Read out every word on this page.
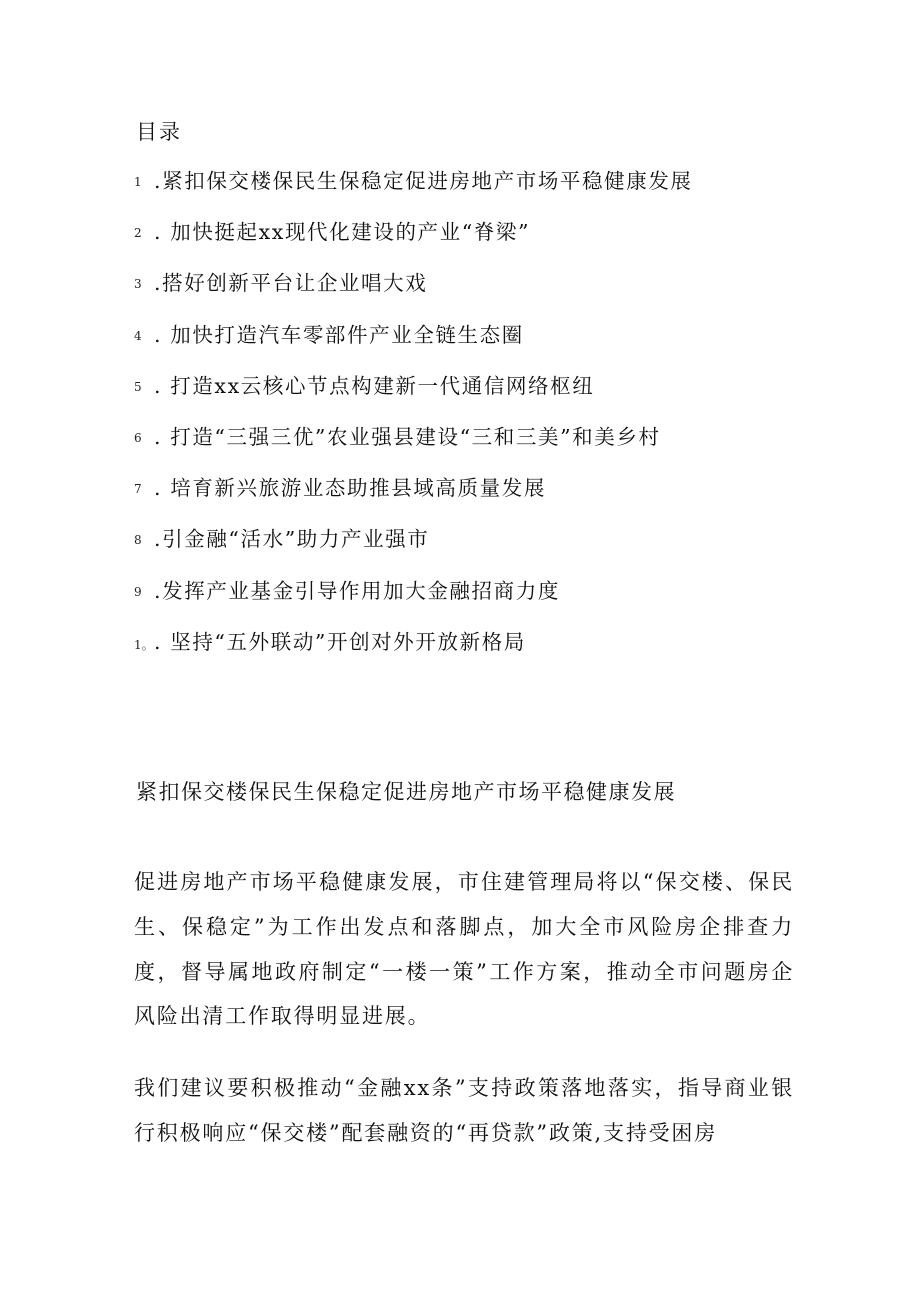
目录
1 .紧扣保交楼保民生保稳定促进房地产市场平稳健康发展
2 . 加快挺起xx现代化建设的产业“脊梁”
3 .搭好创新平台让企业唱大戏
4 . 加快打造汽车零部件产业全链生态圈
5 . 打造xx云核心节点构建新一代通信网络枢纽
6 . 打造“三强三优”农业强县建设“三和三美”和美乡村
7 . 培育新兴旅游业态助推县域高质量发展
8 .引金融“活水”助力产业强市
9 .发挥产业基金引导作用加大金融招商力度
1。 . 坚持“五外联动”开创对外开放新格局
紧扣保交楼保民生保稳定促进房地产市场平稳健康发展

促进房地产市场平稳健康发展，市住建管理局将以“保交楼、保民生、保稳定”为工作出发点和落脚点，加大全市风险房企排查力度，督导属地政府制定“一楼一策”工作方案，推动全市问题房企风险出清工作取得明显进展。

我们建议要积极推动“金融xx条”支持政策落地落实，指导商业银行积极响应“保交楼”配套融资的“再贷款”政策,支持受困房
